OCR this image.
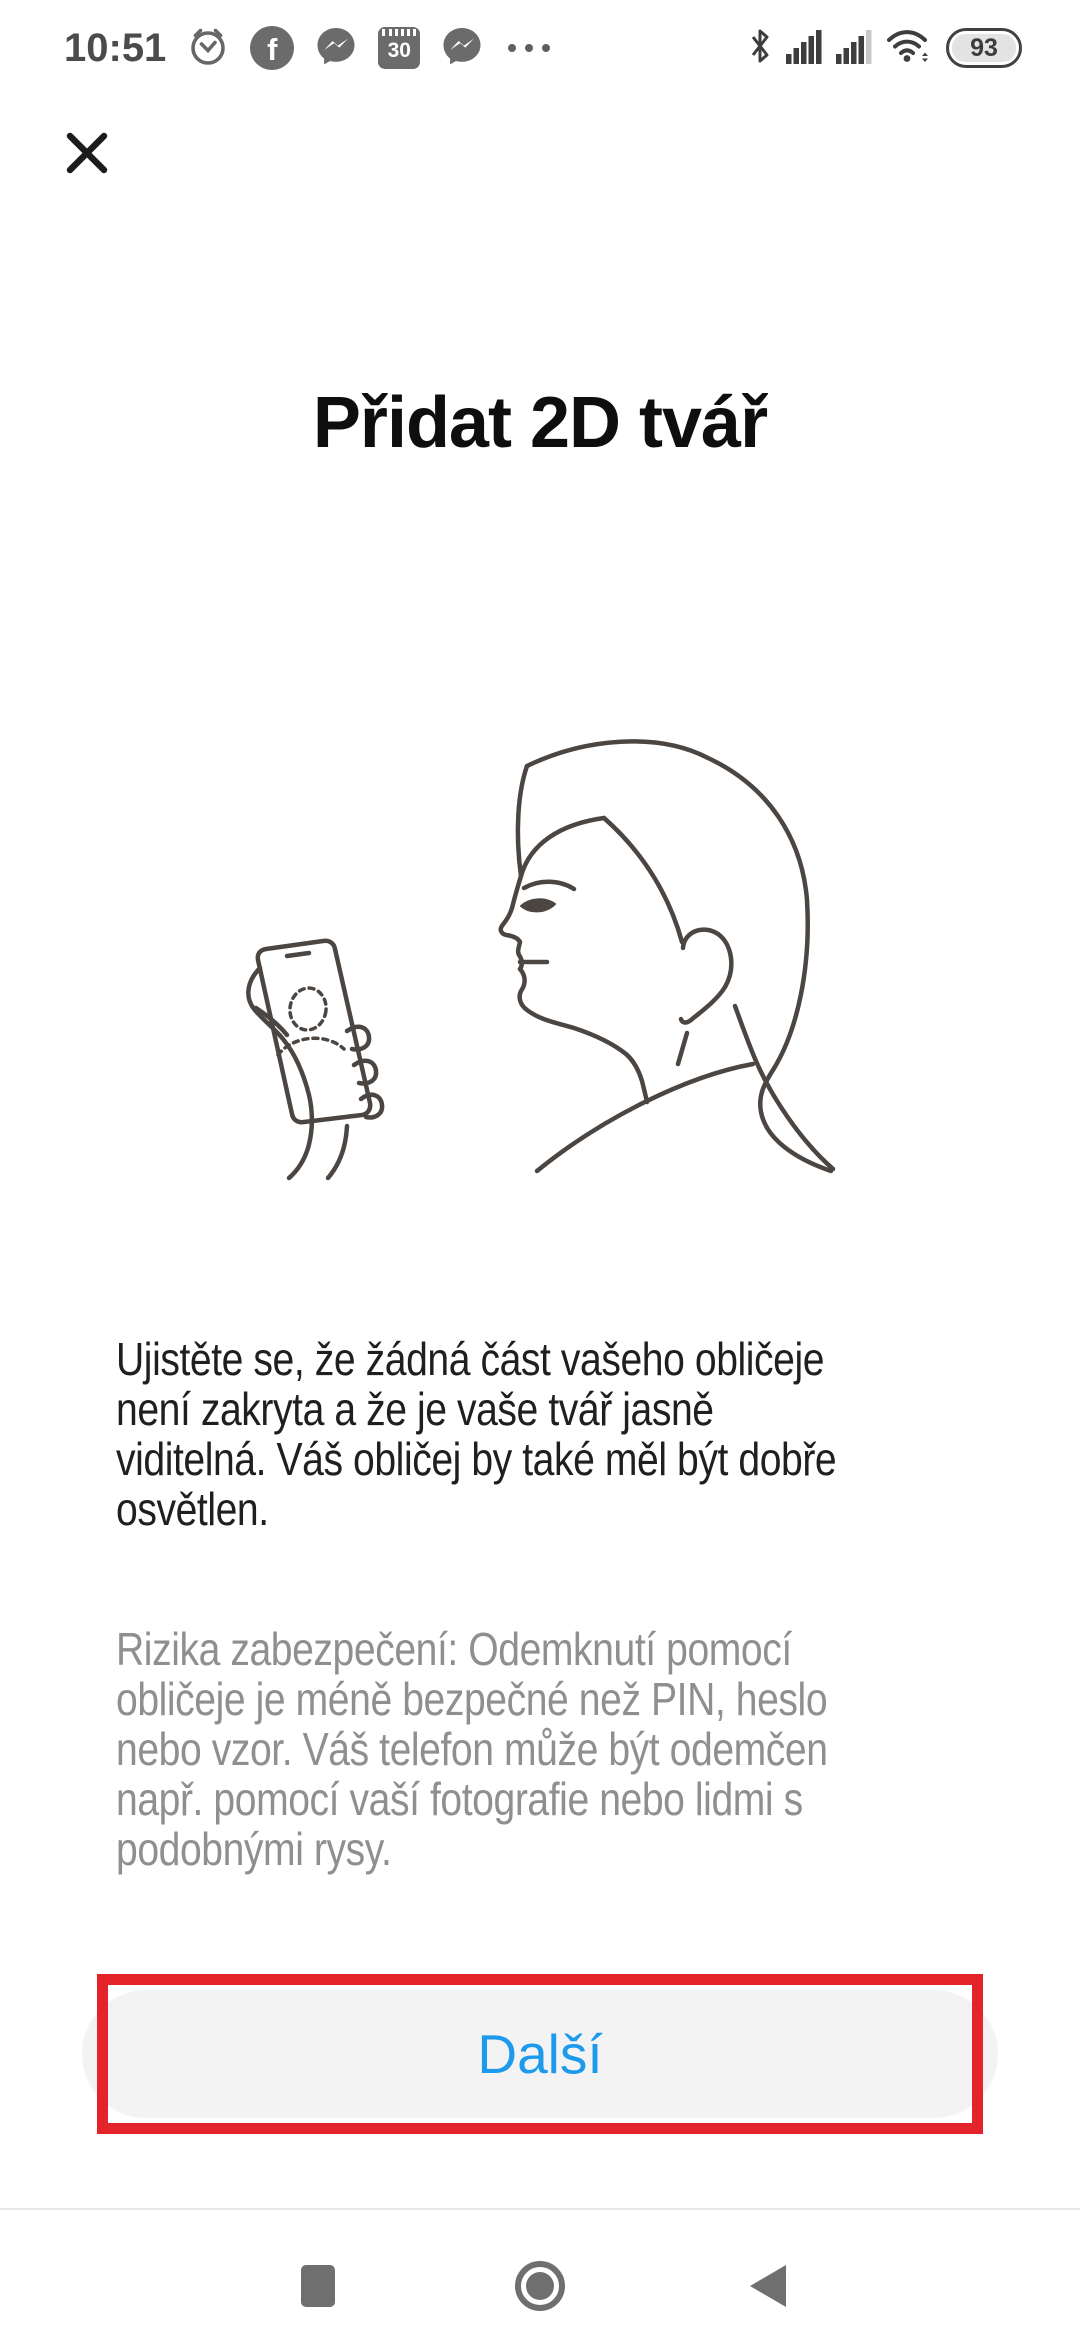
10:51	f	30	93
Přidat 2D tvář
Ujistěte se, že žádná část vašeho obličeje
není zakryta a že je vaše tvář jasně
viditelná. Váš obličej by také měl být dobře
osvětlen.
Rizika zabezpečení: Odemknutí pomocí
obličeje je méně bezpečné než PIN, heslo
nebo vzor. Váš telefon může být odemčen
např. pomocí vaší fotografie nebo lidmi s
podobnými rysy.
Další
